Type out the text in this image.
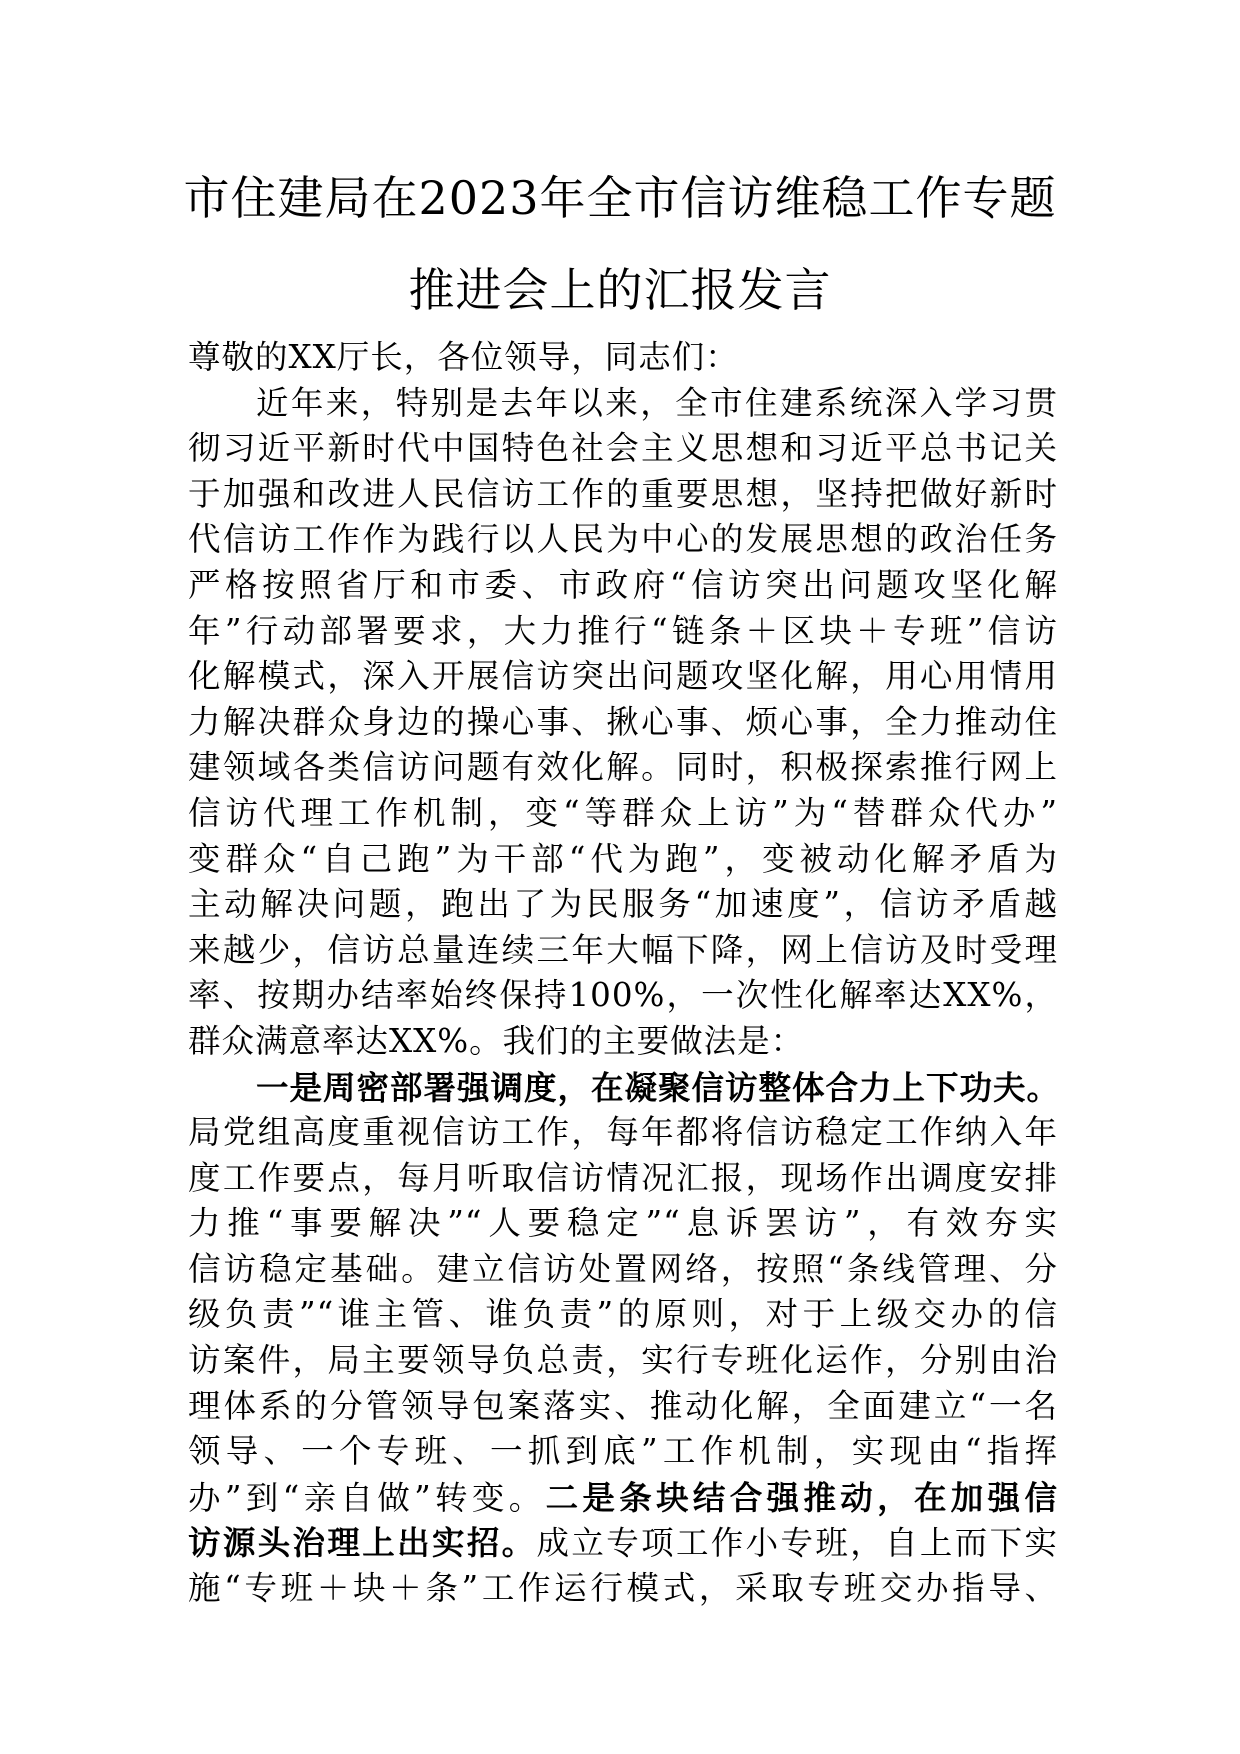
市住建局在2023年全市信访维稳工作专题
推进会上的汇报发言
尊敬的XX厅长，各位领导，同志们：

近年来，特别是去年以来，全市住建系统深入学习贯
彻习近平新时代中国特色社会主义思想和习近平总书记关
于加强和改进人民信访工作的重要思想，坚持把做好新时
代信访工作作为践行以人民为中心的发展思想的政治任务
严格按照省厅和市委、市政府“信访突出问题攻坚化解
年”行动部署要求，大力推行“链条＋区块＋专班”信访
化解模式，深入开展信访突出问题攻坚化解，用心用情用
力解决群众身边的操心事、揪心事、烦心事，全力推动住
建领域各类信访问题有效化解。同时，积极探索推行网上
信访代理工作机制，变“等群众上访”为“替群众代办”
变群众“自己跑”为干部“代为跑”，变被动化解矛盾为
主动解决问题，跑出了为民服务“加速度”，信访矛盾越
来越少，信访总量连续三年大幅下降，网上信访及时受理
率、按期办结率始终保持100%，一次性化解率达XX%，
群众满意率达XX%。我们的主要做法是：

一是周密部署强调度，在凝聚信访整体合力上下功夫。
局党组高度重视信访工作，每年都将信访稳定工作纳入年
度工作要点，每月听取信访情况汇报，现场作出调度安排
力推“事要解决”“人要稳定”“息诉罢访”，有效夯实
信访稳定基础。建立信访处置网络，按照“条线管理、分
级负责”“谁主管、谁负责”的原则，对于上级交办的信
访案件，局主要领导负总责，实行专班化运作，分别由治
理体系的分管领导包案落实、推动化解，全面建立“一名
领导、一个专班、一抓到底”工作机制，实现由“指挥
办”到“亲自做”转变。二是条块结合强推动，在加强信
访源头治理上出实招。成立专项工作小专班，自上而下实
施“专班＋块＋条”工作运行模式，采取专班交办指导、
